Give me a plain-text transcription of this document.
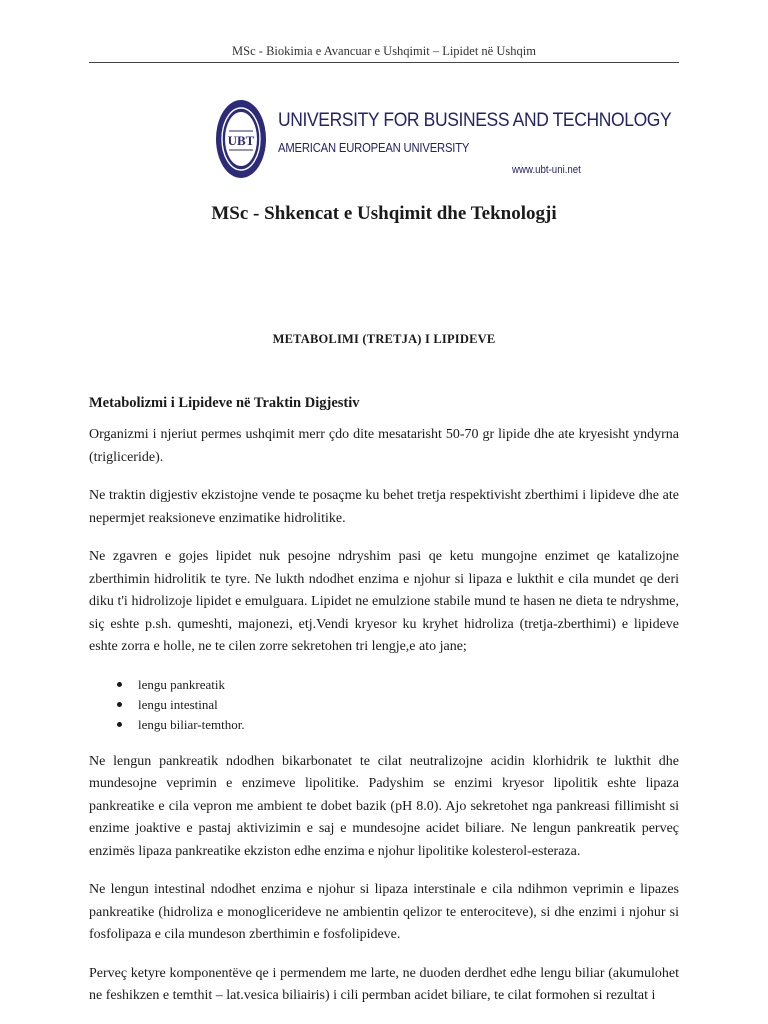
MSc - Biokimia e Avancuar e Ushqimit – Lipidet në Ushqim
UBT
UNIVERSITY FOR BUSINESS AND TECHNOLOGY
AMERICAN EUROPEAN UNIVERSITY
www.ubt-uni.net
MSc - Shkencat e Ushqimit dhe Teknologji
METABOLIMI (TRETJA) I LIPIDEVE
Metabolizmi i Lipideve në Traktin Digjestiv

Organizmi i njeriut permes ushqimit merr çdo dite mesatarisht 50-70 gr lipide dhe ate kryesisht yndyrna (trigliceride).

Ne traktin digjestiv ekzistojne vende te posaçme ku behet tretja respektivisht zberthimi i lipideve dhe ate nepermjet reaksioneve enzimatike hidrolitike.

Ne zgavren e gojes lipidet nuk pesojne ndryshim pasi qe ketu mungojne enzimet qe katalizojne zberthimin hidrolitik te tyre. Ne lukth ndodhet enzima e njohur si lipaza e lukthit e cila mundet qe deri diku t'i hidrolizoje lipidet e emulguara. Lipidet ne emulzione stabile mund te hasen ne dieta te ndryshme, siç eshte p.sh. qumeshti, majonezi, etj.Vendi kryesor ku kryhet hidroliza (tretja-zberthimi) e lipideve eshte zorra e holle, ne te cilen zorre sekretohen tri lengje,e ato jane;

lengu pankreatik
lengu intestinal
lengu biliar-temthor.

Ne lengun pankreatik ndodhen bikarbonatet te cilat neutralizojne acidin klorhidrik te lukthit dhe mundesojne veprimin e enzimeve lipolitike. Padyshim se enzimi kryesor lipolitik eshte lipaza pankreatike e cila vepron me ambient te dobet bazik (pH 8.0). Ajo sekretohet nga pankreasi fillimisht si enzime joaktive e pastaj aktivizimin e saj e mundesojne acidet biliare. Ne lengun pankreatik perveç enzimës lipaza pankreatike ekziston edhe enzima e njohur lipolitike kolesterol-esteraza.

Ne lengun intestinal ndodhet enzima e njohur si lipaza interstinale e cila ndihmon veprimin e lipazes pankreatike (hidroliza e monoglicerideve ne ambientin qelizor te enterociteve), si dhe enzimi i njohur si fosfolipaza e cila mundeson zberthimin e fosfolipideve.

Perveç ketyre komponentëve qe i permendem me larte, ne duoden derdhet edhe lengu biliar (akumulohet ne feshikzen e temthit – lat.vesica biliairis) i cili permban acidet biliare, te cilat formohen si rezultat i
